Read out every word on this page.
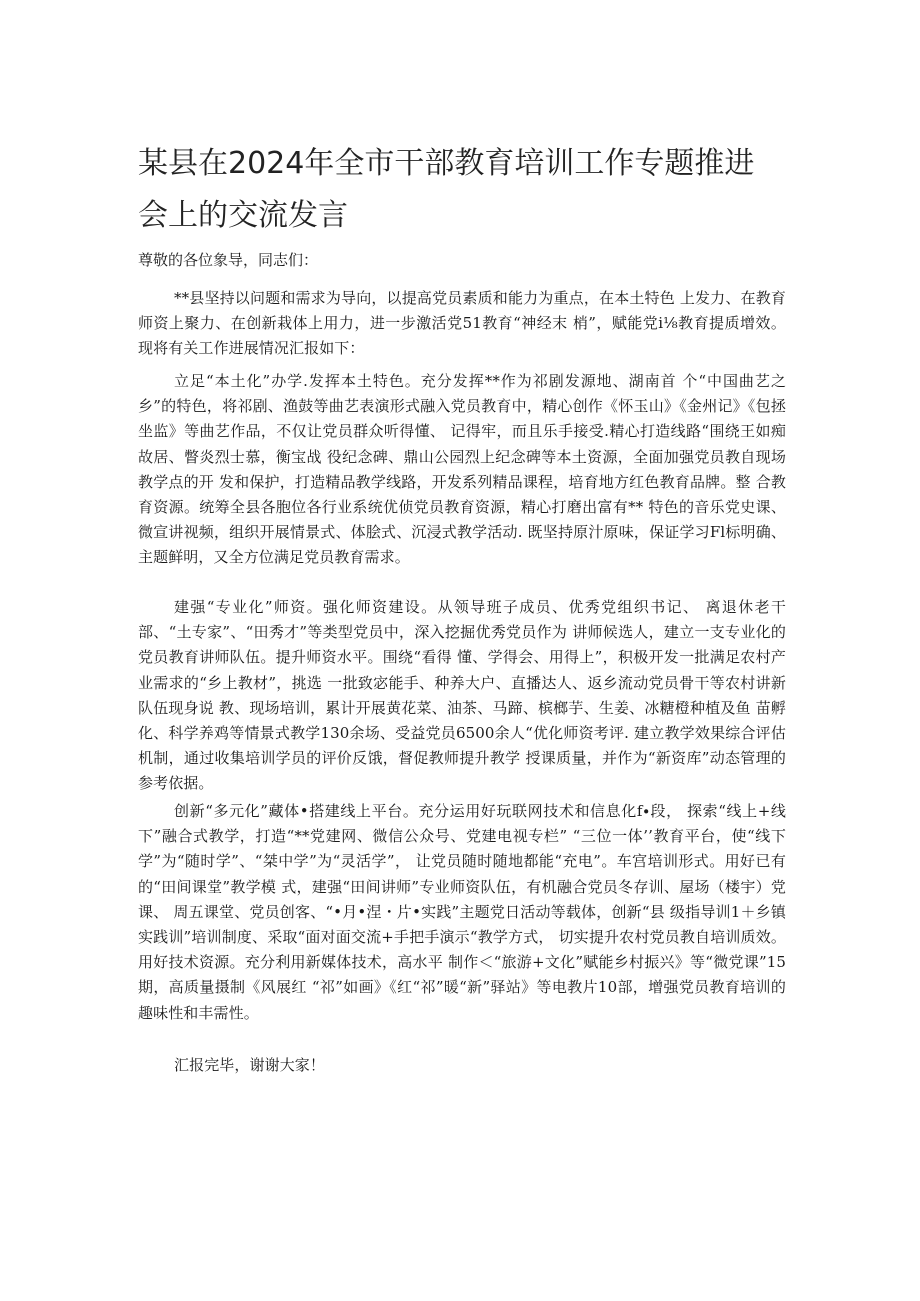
某县在2024年全市干部教育培训工作专题推进会上的交流发言

尊敬的各位象导，同志们：

**县坚持以问题和需求为导向，以提高党员素质和能力为重点，在本土特色 上发力、在教育师资上聚力、在创新栽体上用力，进一步激活党51教育“神经末 梢”，赋能党i⅛教育提质增效。现将有关工作进展情况汇报如下：

立足“本土化”办学.发挥本土特色。充分发挥**作为祁剧发源地、湖南首 个“中国曲艺之乡”的特色，将祁剧、渔鼓等曲艺表演形式融入党员教育中，精心创作《怀玉山》《金州记》《包拯坐监》等曲艺作品，不仅让党员群众听得懂、 记得牢，而且乐手接受.精心打造线路“围绕王如痴故居、瞥炎烈士慕，衡宝战 役纪念碑、鼎山公园烈上纪念碑等本土资源，全面加强党员教自现场教学点的开 发和保护，打造精品教学线路，开发系列精品课程，培育地方红色教育品牌。整 合教育资源。统筹全县各胞位各行业系统优侦党员教育资源，精心打磨出富有** 特色的音乐党史课、微宣讲视频，组织开展情景式、体脍式、沉浸式教学活动. 既坚持原汁原味，保证学习Fl标明确、主题鲜明，又全方位满足党员教育需求。

建强“专业化”师资。强化师资建设。从领导班子成员、优秀党组织书记、 离退休老干部、“土专家”、“田秀才”等类型党员中，深入挖掘优秀党员作为 讲师候选人，建立一支专业化的党员教育讲师队伍。提升师资水平。围绕“看得 懂、学得会、用得上”，积极开发一批满足农村产业需求的“乡上教材”，挑选 一批致宓能手、种养大户、直播达人、返乡流动党员骨干等农村讲新队伍现身说 教、现场培训，累计开展黄花菜、油茶、马蹄、槟榔芋、生姜、冰糖橙种植及鱼 苗孵化、科学养鸡等情景式教学130余场、受益党员6500余人“优化师资考评. 建立教学效果综合评估机制，通过收集培训学员的评价反饿，督促教师提升教学 授课质量，并作为“新资库”动态管理的参考依据。

创新“多元化”藏体•搭建线上平台。充分运用好玩联网技术和信息化f∙段， 探索“线上+线下”融合式教学，打造“**党建网、微信公众号、党建电视专栏” “三位一体’’教育平台，使“线下学”为“随时学”、“桀中学”为“灵活学”， 让党员随时随地都能“充电”。车宫培训形式。用好已有的“田间课堂”教学模 式，建强“田间讲师”专业师资队伍，有机融合党员冬存训、屋场（楼宇）党课、 周五课堂、党员创客、“•月•涅・片•实践”主题党日活动等载体，创新“县 级指导训1＋乡镇实践训”培训制度、采取“面对面交流+手把手演示“教学方式， 切实提升农村党员教自培训质效。用好技术资源。充分利用新媒体技术，高水平 制作＜“旅游+文化”赋能乡村振兴》等“微党课”15期，高质量摄制《风展红 “祁”如画》《红“祁”暖“新”驿站》等电教片10部，增强党员教育培训的 趣味性和丰需性。

汇报完毕，谢谢大家！
